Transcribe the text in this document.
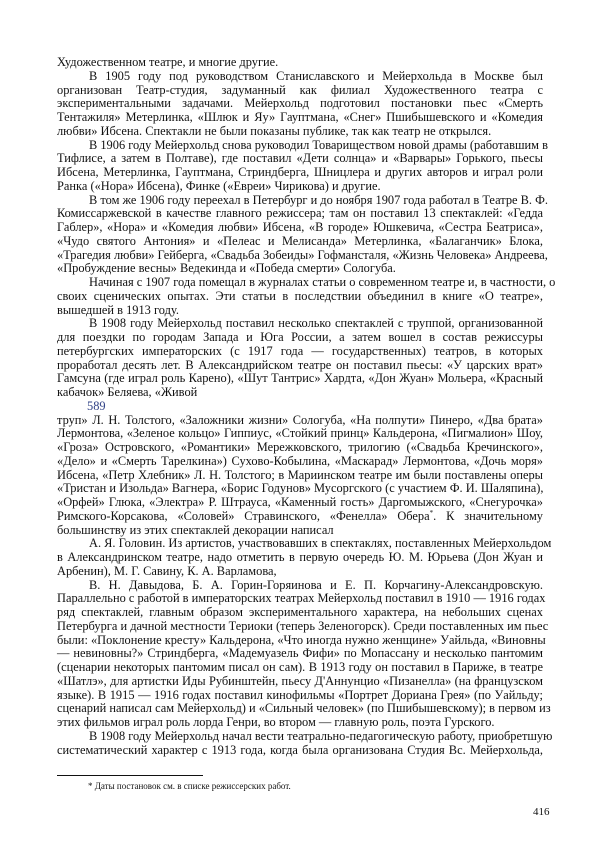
Художественном театре, и многие другие.
В 1905 году под руководством Станиславского и Мейерхольда в Москве был
организован Театр-студия, задуманный как филиал Художественного театра с
экспериментальными задачами. Мейерхольд подготовил постановки пьес «Смерть
Тентажиля» Метерлинка, «Шлюк и Яу» Гауптмана, «Снег» Пшибышевского и «Комедия
любви» Ибсена. Спектакли не были показаны публике, так как театр не открылся.
В 1906 году Мейерхольд снова руководил Товариществом новой драмы (работавшим в
Тифлисе, а затем в Полтаве), где поставил «Дети солнца» и «Варвары» Горького, пьесы
Ибсена, Метерлинка, Гауптмана, Стриндберга, Шницлера и других авторов и играл роли
Ранка («Нора» Ибсена), Финке («Евреи» Чирикова) и другие.
В том же 1906 году переехал в Петербург и до ноября 1907 года работал в Театре В. Ф.
Комиссаржевской в качестве главного режиссера; там он поставил 13 спектаклей: «Гедда
Габлер», «Нора» и «Комедия любви» Ибсена, «В городе» Юшкевича, «Сестра Беатриса»,
«Чудо святого Антония» и «Пелеас и Мелисанда» Метерлинка, «Балаганчик» Блока,
«Трагедия любви» Гейберга, «Свадьба Зобеиды» Гофмансталя, «Жизнь Человека» Андреева,
«Пробуждение весны» Ведекинда и «Победа смерти» Сологуба.
Начиная с 1907 года помещал в журналах статьи о современном театре и, в частности, о
своих сценических опытах. Эти статьи в последствии объединил в книге «О театре»,
вышедшей в 1913 году.
В 1908 году Мейерхольд поставил несколько спектаклей с труппой, организованной
для поездки по городам Запада и Юга России, а затем вошел в состав режиссуры
петербургских императорских (с 1917 года — государственных) театров, в которых
проработал десять лет. В Александрийском театре он поставил пьесы: «У царских врат»
Гамсуна (где играл роль Карено), «Шут Тантрис» Хардта, «Дон Жуан» Мольера, «Красный
кабачок» Беляева, «Живой
589
труп» Л. Н. Толстого, «Заложники жизни» Сологуба, «На полпути» Пинеро, «Два брата»
Лермонтова, «Зеленое кольцо» Гиппиус, «Стойкий принц» Кальдерона, «Пигмалион» Шоу,
«Гроза» Островского, «Романтики» Мережковского, трилогию («Свадьба Кречинского»,
«Дело» и «Смерть Тарелкина») Сухово-Кобылина, «Маскарад» Лермонтова, «Дочь моря»
Ибсена, «Петр Хлебник» Л. Н. Толстого; в Мариинском театре им были поставлены оперы
«Тристан и Изольда» Вагнера, «Борис Годунов» Мусоргского (с участием Ф. И. Шаляпина),
«Орфей» Глюка, «Электра» Р. Штрауса, «Каменный гость» Даргомыжского, «Снегурочка»
Римского-Корсакова, «Соловей» Стравинского, «Фенелла» Обера*. К значительному
большинству из этих спектаклей декорации написал
А. Я. Головин. Из артистов, участвовавших в спектаклях, поставленных Мейерхольдом
в Александринском театре, надо отметить в первую очередь Ю. М. Юрьева (Дон Жуан и
Арбенин), М. Г. Савину, К. А. Варламова,
В. Н. Давыдова, Б. А. Горин-Горяинова и Е. П. Корчагину-Александровскую.
Параллельно с работой в императорских театрах Мейерхольд поставил в 1910 — 1916 годах
ряд спектаклей, главным образом экспериментального характера, на небольших сценах
Петербурга и дачной местности Териоки (теперь Зеленогорск). Среди поставленных им пьес
были: «Поклонение кресту» Кальдерона, «Что иногда нужно женщине» Уайльда, «Виновны
— невиновны?» Стриндберга, «Мадемуазель Фифи» по Мопассану и несколько пантомим
(сценарии некоторых пантомим писал он сам). В 1913 году он поставил в Париже, в театре
«Шатлэ», для артистки Иды Рубинштейн, пьесу Д'Аннунцио «Пизанелла» (на французском
языке). В 1915 — 1916 годах поставил кинофильмы «Портрет Дориана Грея» (по Уайльду;
сценарий написал сам Мейерхольд) и «Сильный человек» (по Пшибышевскому); в первом из
этих фильмов играл роль лорда Генри, во втором — главную роль, поэта Гурского.
В 1908 году Мейерхольд начал вести театрально-педагогическую работу, приобретшую
систематический характер с 1913 года, когда была организована Студия Вс. Мейерхольда,
* Даты постановок см. в списке режиссерских работ.
416
